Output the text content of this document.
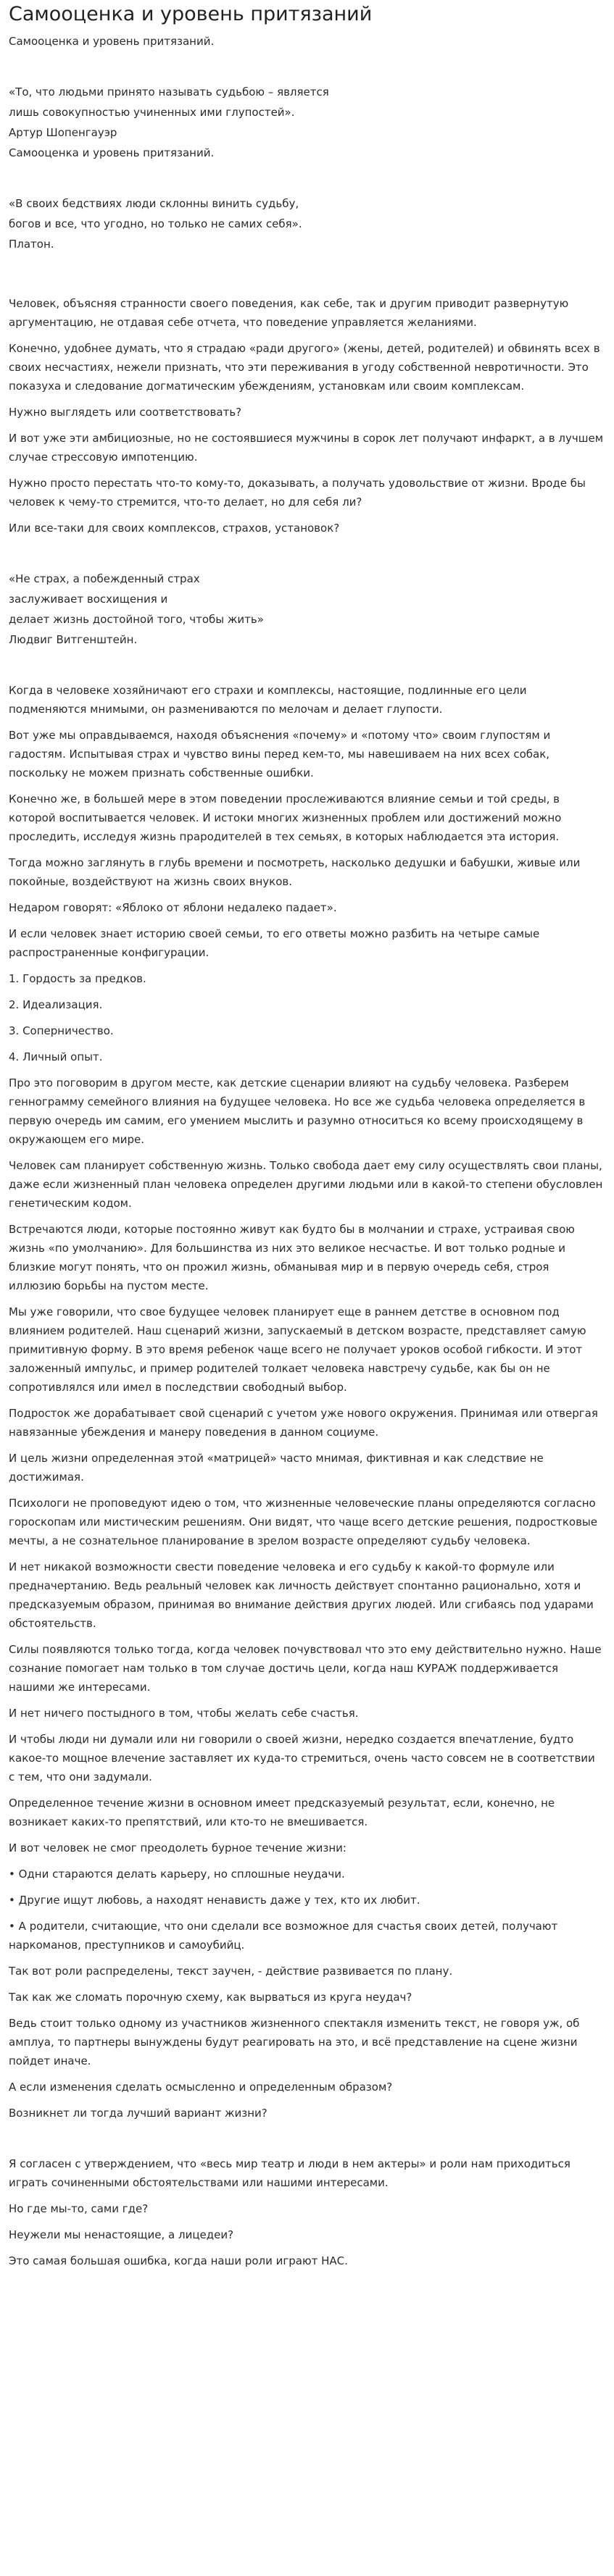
Самооценка и уровень притязаний

Самооценка и уровень притязаний.

«То, что людьми принято называть судьбою – является

лишь совокупностью учиненных ими глупостей».

Артур Шопенгауэр

Самооценка и уровень притязаний.

«В своих бедствиях люди склонны винить судьбу,

богов и все, что угодно, но только не самих себя».

Платон.

Человек, объясняя странности своего поведения, как себе, так и другим приводит развернутую аргументацию, не отдавая себе отчета, что поведение управляется желаниями.

Конечно, удобнее думать, что я страдаю «ради другого» (жены, детей, родителей) и обвинять всех в своих несчастиях, нежели признать, что эти переживания в угоду собственной невротичности. Это показуха и следование догматическим убеждениям, установкам или своим комплексам.

Нужно выглядеть или соответствовать?

И вот уже эти амбициозные, но не состоявшиеся мужчины в сорок лет получают инфаркт, а в лучшем случае стрессовую импотенцию.

Нужно просто перестать что-то кому-то, доказывать, а получать удовольствие от жизни. Вроде бы человек к чему-то стремится, что-то делает, но для себя ли?

Или все-таки для своих комплексов, страхов, установок?

«Не страх, а побежденный страх

заслуживает восхищения и

делает жизнь достойной того, чтобы жить»

Людвиг Витгенштейн.

Когда в человеке хозяйничают его страхи и комплексы, настоящие, подлинные его цели подменяются мнимыми, он размениваются по мелочам и делает глупости.

Вот уже мы оправдываемся, находя объяснения «почему» и «потому что» своим глупостям и гадостям. Испытывая страх и чувство вины перед кем-то, мы навешиваем на них всех собак, поскольку не можем признать собственные ошибки.

Конечно же, в большей мере в этом поведении прослеживаются влияние семьи и той среды, в которой воспитывается человек. И истоки многих жизненных проблем или достижений можно проследить, исследуя жизнь прародителей в тех семьях, в которых наблюдается эта история.

Тогда можно заглянуть в глубь времени и посмотреть, насколько дедушки и бабушки, живые или покойные, воздействуют на жизнь своих внуков.

Недаром говорят: «Яблоко от яблони недалеко падает».

И если человек знает историю своей семьи, то его ответы можно разбить на четыре самые распространенные конфигурации.

1. Гордость за предков.

2. Идеализация.

3. Соперничество.

4. Личный опыт.

Про это поговорим в другом месте, как детские сценарии влияют на судьбу человека. Разберем геннограмму семейного влияния на будущее человека. Но все же судьба человека определяется в первую очередь им самим, его умением мыслить и разумно относиться ко всему происходящему в окружающем его мире.

Человек сам планирует собственную жизнь. Только свобода дает ему силу осуществлять свои планы, даже если жизненный план человека определен другими людьми или в какой-то степени обусловлен генетическим кодом.

Встречаются люди, которые постоянно живут как будто бы в молчании и страхе, устраивая свою жизнь «по умолчанию». Для большинства из них это великое несчастье. И вот только родные и близкие могут понять, что он прожил жизнь, обманывая мир и в первую очередь себя, строя иллюзию борьбы на пустом месте.

Мы уже говорили, что свое будущее человек планирует еще в раннем детстве в основном под влиянием родителей. Наш сценарий жизни, запускаемый в детском возрасте, представляет самую примитивную форму. В это время ребенок чаще всего не получает уроков особой гибкости. И этот заложенный импульс, и пример родителей толкает человека навстречу судьбе, как бы он не сопротивлялся или имел в последствии свободный выбор.

Подросток же дорабатывает свой сценарий с учетом уже нового окружения. Принимая или отвергая навязанные убеждения и манеру поведения в данном социуме.

И цель жизни определенная этой «матрицей» часто мнимая, фиктивная и как следствие не достижимая.

Психологи не проповедуют идею о том, что жизненные человеческие планы определяются согласно гороскопам или мистическим решениям. Они видят, что чаще всего детские решения, подростковые мечты, а не сознательное планирование в зрелом возрасте определяют судьбу человека.

И нет никакой возможности свести поведение человека и его судьбу к какой-то формуле или предначертанию. Ведь реальный человек как личность действует спонтанно рационально, хотя и предсказуемым образом, принимая во внимание действия других людей. Или сгибаясь под ударами обстоятельств.

Силы появляются только тогда, когда человек почувствовал что это ему действительно нужно. Наше сознание помогает нам только в том случае достичь цели, когда наш КУРАЖ поддерживается нашими же интересами.

И нет ничего постыдного в том, чтобы желать себе счастья.

И чтобы люди ни думали или ни говорили о своей жизни, нередко создается впечатление, будто какое-то мощное влечение заставляет их куда-то стремиться, очень часто совсем не в соответствии с тем, что они задумали.

Определенное течение жизни в основном имеет предсказуемый результат, если, конечно, не возникает каких-то препятствий, или кто-то не вмешивается.

И вот человек не смог преодолеть бурное течение жизни:

• Одни стараются делать карьеру, но сплошные неудачи.

• Другие ищут любовь, а находят ненависть даже у тех, кто их любит.

• А родители, считающие, что они сделали все возможное для счастья своих детей, получают наркоманов, преступников и самоубийц.

Так вот роли распределены, текст заучен, - действие развивается по плану.

Так как же сломать порочную схему, как вырваться из круга неудач?

Ведь стоит только одному из участников жизненного спектакля изменить текст, не говоря уж, об амплуа, то партнеры вынуждены будут реагировать на это, и всё представление на сцене жизни пойдет иначе.

А если изменения сделать осмысленно и определенным образом?

Возникнет ли тогда лучший вариант жизни?

Я согласен с утверждением, что «весь мир театр и люди в нем актеры» и роли нам приходиться играть сочиненными обстоятельствами или нашими интересами.

Но где мы-то, сами где?

Неужели мы ненастоящие, а лицедеи?

Это самая большая ошибка, когда наши роли играют НАС.
